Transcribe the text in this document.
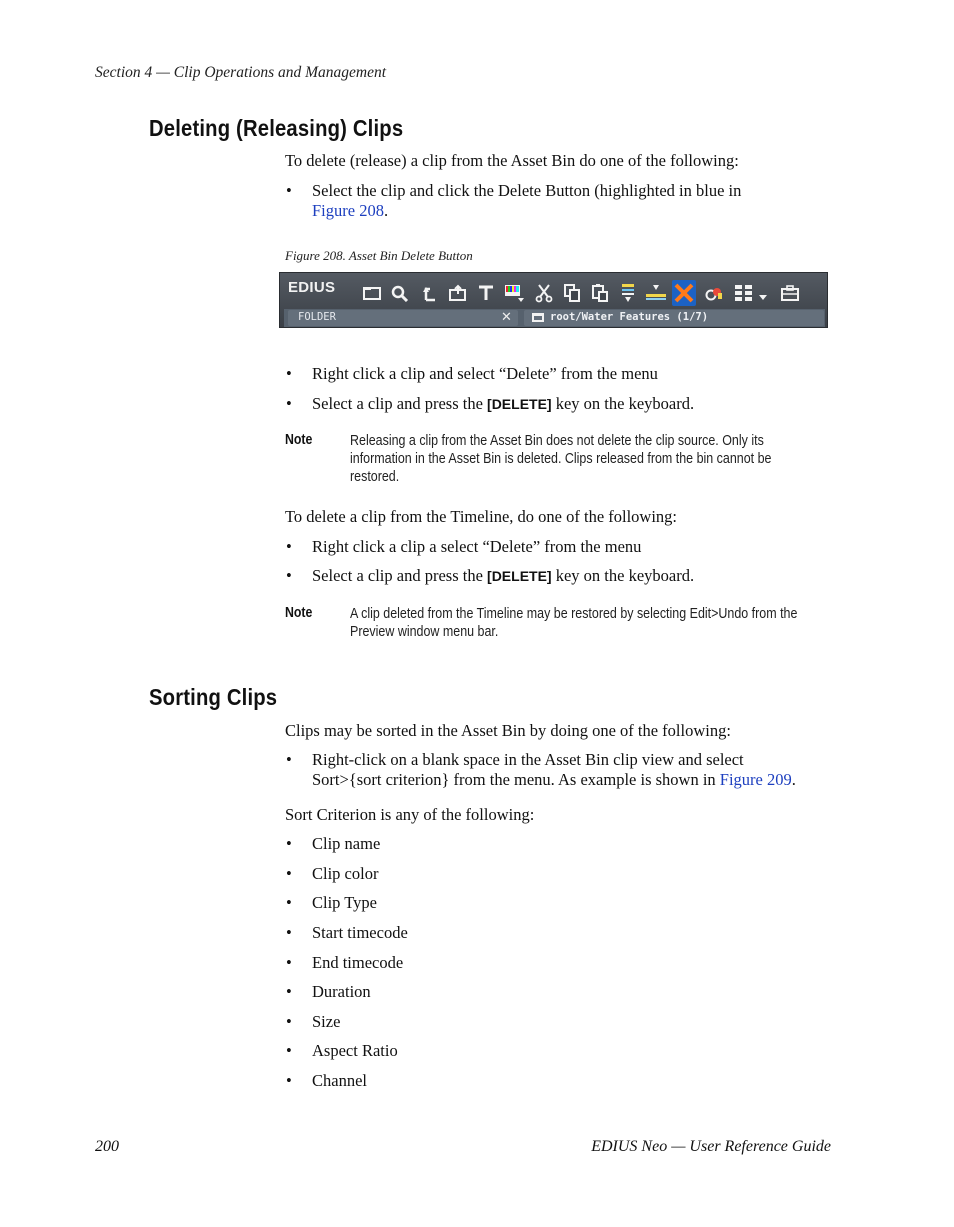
Section 4 — Clip Operations and Management
Deleting (Releasing) Clips
To delete (release) a clip from the Asset Bin do one of the following:
• Select the clip and click the Delete Button (highlighted in blue in
Figure 208.
Figure 208. Asset Bin Delete Button
EDIUS
FOLDER	✕	root/Water Features (1/7)
• Right click a clip and select “Delete” from the menu
• Select a clip and press the [DELETE] key on the keyboard.
Note	Releasing a clip from the Asset Bin does not delete the clip source. Only its information in the Asset Bin is deleted. Clips released from the bin cannot be restored.
To delete a clip from the Timeline, do one of the following:
• Right click a clip a select “Delete” from the menu
• Select a clip and press the [DELETE] key on the keyboard.
Note	A clip deleted from the Timeline may be restored by selecting Edit>Undo from the Preview window menu bar.
Sorting Clips
Clips may be sorted in the Asset Bin by doing one of the following:
• Right-click on a blank space in the Asset Bin clip view and select
Sort>{sort criterion} from the menu. As example is shown in Figure 209.
Sort Criterion is any of the following:
• Clip name
• Clip color
• Clip Type
• Start timecode
• End timecode
• Duration
• Size
• Aspect Ratio
• Channel
200	EDIUS Neo — User Reference Guide
